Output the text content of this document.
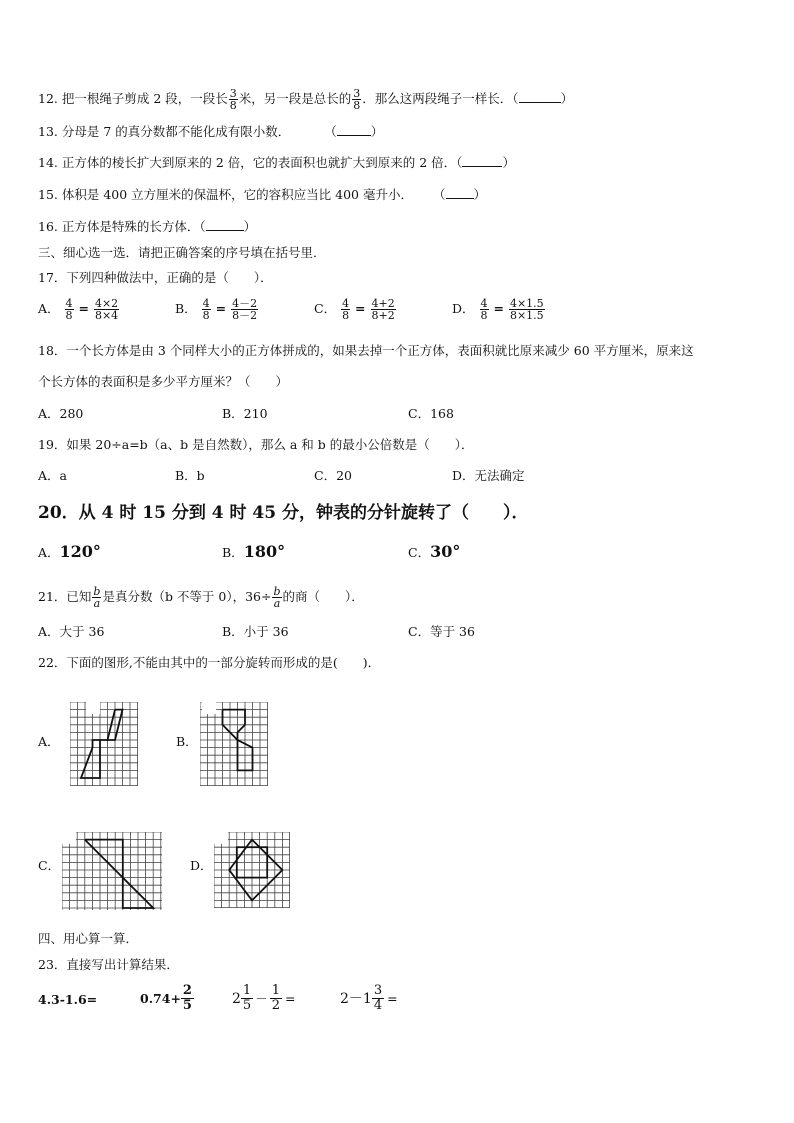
12. 把一根绳子剪成 2 段，一段长 $\frac{3}{8}$ 米，另一段是总长的 $\frac{3}{8}$ ．那么这两段绳子一样长．（	）
13. 分母是 7 的真分数都不能化成有限小数．	（	）
14. 正方体的棱长扩大到原来的 2 倍，它的表面积也就扩大到原来的 2 倍．（	）
15. 体积是 400 立方厘米的保温杯，它的容积应当比 400 毫升小． （ ）
16. 正方体是特殊的长方体．（	）
三、细心选一选．请把正确答案的序号填在括号里．
17．下列四种做法中，正确的是（　　）．
A． $\frac{4}{8} = \frac{4\times 2}{8\times 4}$	B． $\frac{4}{8} = \frac{4-2}{8-2}$	C． $\frac{4}{8} = \frac{4+2}{8+2}$	D． $\frac{4}{8} = \frac{4\times 1.5}{8\times 1.5}$
18．一个长方体是由 3 个同样大小的正方体拼成的，如果去掉一个正方体，表面积就比原来减少 60 平方厘米，原来这
个长方体的表面积是多少平方厘米？（　　）
A．280	B．210	C．168
19．如果 20÷a=b（a、b 是自然数），那么 a 和 b 的最小公倍数是（　　）．
A．a	B．b	C．20	D．无法确定
20．从 4 时 15 分到 4 时 45 分，钟表的分针旋转了（　　）．
A．120°	B．180°	C．30°
21．已知 $\frac{b}{a}$ 是真分数（b 不等于 0），$36\div \frac{b}{a}$ 的商（　　）．
A．大于 36	B．小于 36	C．等于 36
22．下面的图形,不能由其中的一部分旋转而形成的是(　　)．
A．	B．
C．	D．
四、用心算一算．
23．直接写出计算结果．
4.3-1.6=	$0.74+ \frac{2}{5}$	2 1
$5 - \frac{1}{2}$ =	$2-1 \frac{3}{4}$ =
